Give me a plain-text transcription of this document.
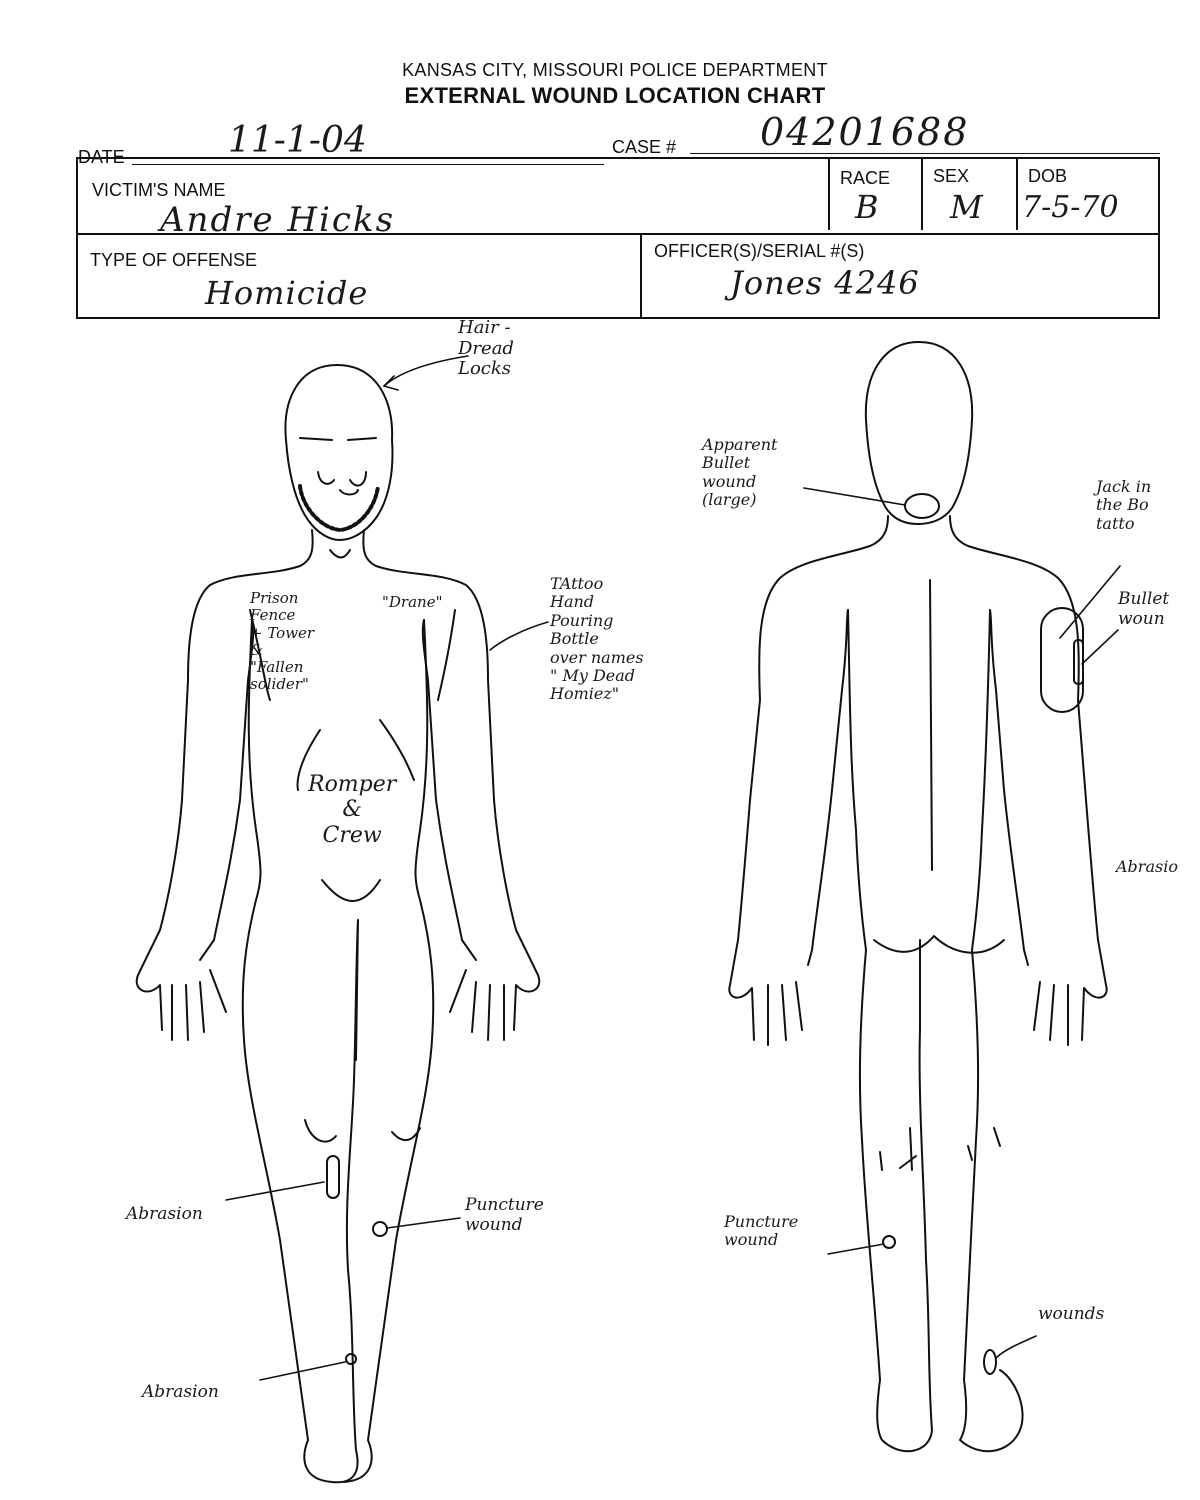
KANSAS CITY, MISSOURI POLICE DEPARTMENT
EXTERNAL WOUND LOCATION CHART
DATE	11-1-04	CASE # 04201688
VICTIM'S NAME
Andre Hicks
RACE
B
SEX
M
DOB
7-5-70
TYPE OF OFFENSE
Homicide
OFFICER(S)/SERIAL #(S)
Jones 4246
Hair -
Dread
Locks
Prison
Fence
+ Tower
&
"Fallen
solider"
"Drane"
TAttoo
Hand
Pouring
Bottle
over names
" My Dead
Homiez"
Romper
&
Crew
Abrasion	Puncture
wound
Abrasion
Apparent
Bullet
wound
(large)
Jack in
the Bo
tatto
Bullet
woun
Abrasio
Puncture
wound
wounds
